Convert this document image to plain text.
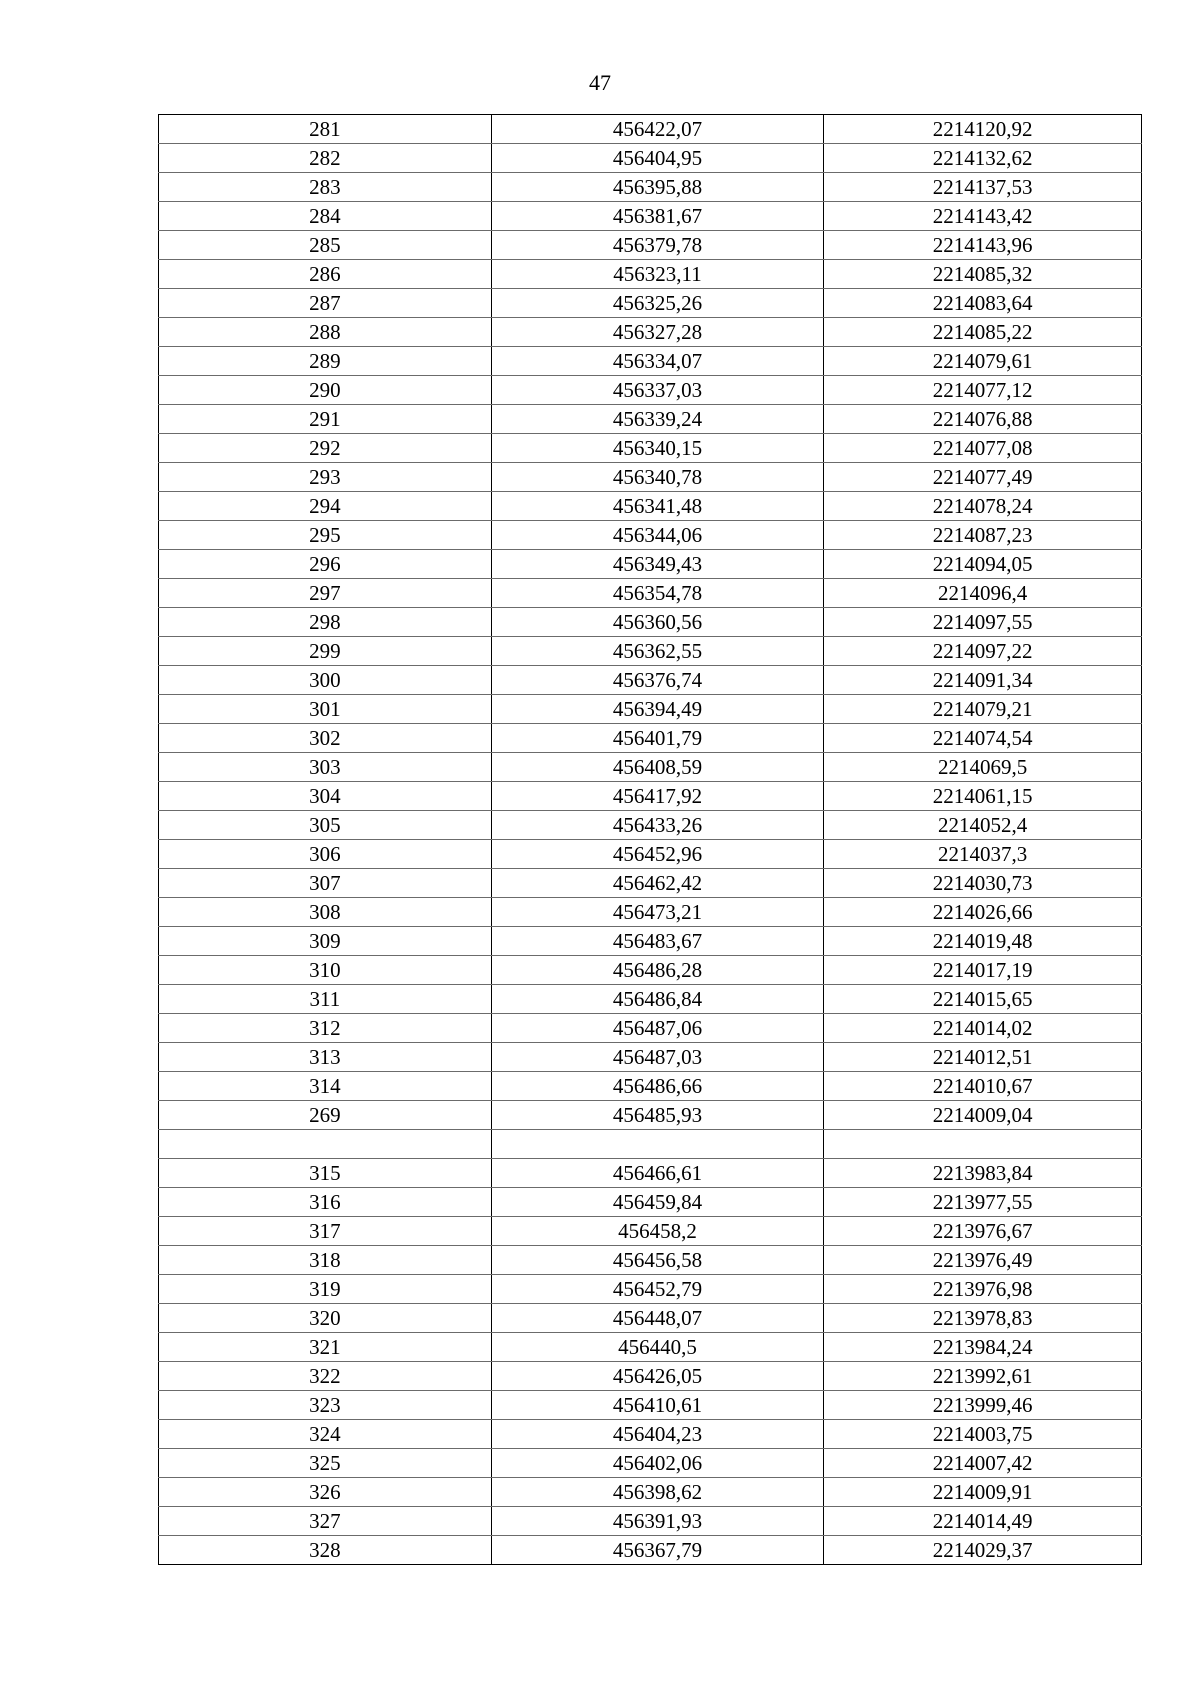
47
281	456422,07	2214120,92
282	456404,95	2214132,62
283	456395,88	2214137,53
284	456381,67	2214143,42
285	456379,78	2214143,96
286	456323,11	2214085,32
287	456325,26	2214083,64
288	456327,28	2214085,22
289	456334,07	2214079,61
290	456337,03	2214077,12
291	456339,24	2214076,88
292	456340,15	2214077,08
293	456340,78	2214077,49
294	456341,48	2214078,24
295	456344,06	2214087,23
296	456349,43	2214094,05
297	456354,78	2214096,4
298	456360,56	2214097,55
299	456362,55	2214097,22
300	456376,74	2214091,34
301	456394,49	2214079,21
302	456401,79	2214074,54
303	456408,59	2214069,5
304	456417,92	2214061,15
305	456433,26	2214052,4
306	456452,96	2214037,3
307	456462,42	2214030,73
308	456473,21	2214026,66
309	456483,67	2214019,48
310	456486,28	2214017,19
311	456486,84	2214015,65
312	456487,06	2214014,02
313	456487,03	2214012,51
314	456486,66	2214010,67
269	456485,93	2214009,04

315	456466,61	2213983,84
316	456459,84	2213977,55
317	456458,2	2213976,67
318	456456,58	2213976,49
319	456452,79	2213976,98
320	456448,07	2213978,83
321	456440,5	2213984,24
322	456426,05	2213992,61
323	456410,61	2213999,46
324	456404,23	2214003,75
325	456402,06	2214007,42
326	456398,62	2214009,91
327	456391,93	2214014,49
328	456367,79	2214029,37
